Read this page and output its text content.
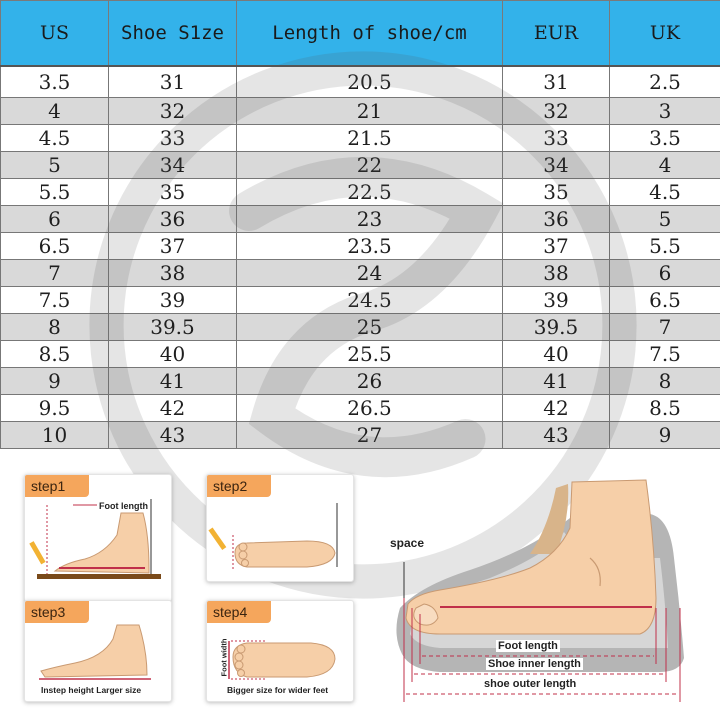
US	Shoe S1ze	Length of shoe/cm	EUR	UK
3.5	31	20.5	31	2.5
4	32	21	32	3
4.5	33	21.5	33	3.5
5	34	22	34	4
5.5	35	22.5	35	4.5
6	36	23	36	5
6.5	37	23.5	37	5.5
7	38	24	38	6
7.5	39	24.5	39	6.5
8	39.5	25	39.5	7
8.5	40	25.5	40	7.5
9	41	26	41	8
9.5	42	26.5	42	8.5
10	43	27	43	9
step1
Foot length
step2
step3
Instep height Larger size
step4
Foot width
Bigger size for wider feet
space
Foot length
Shoe inner length
shoe outer length
